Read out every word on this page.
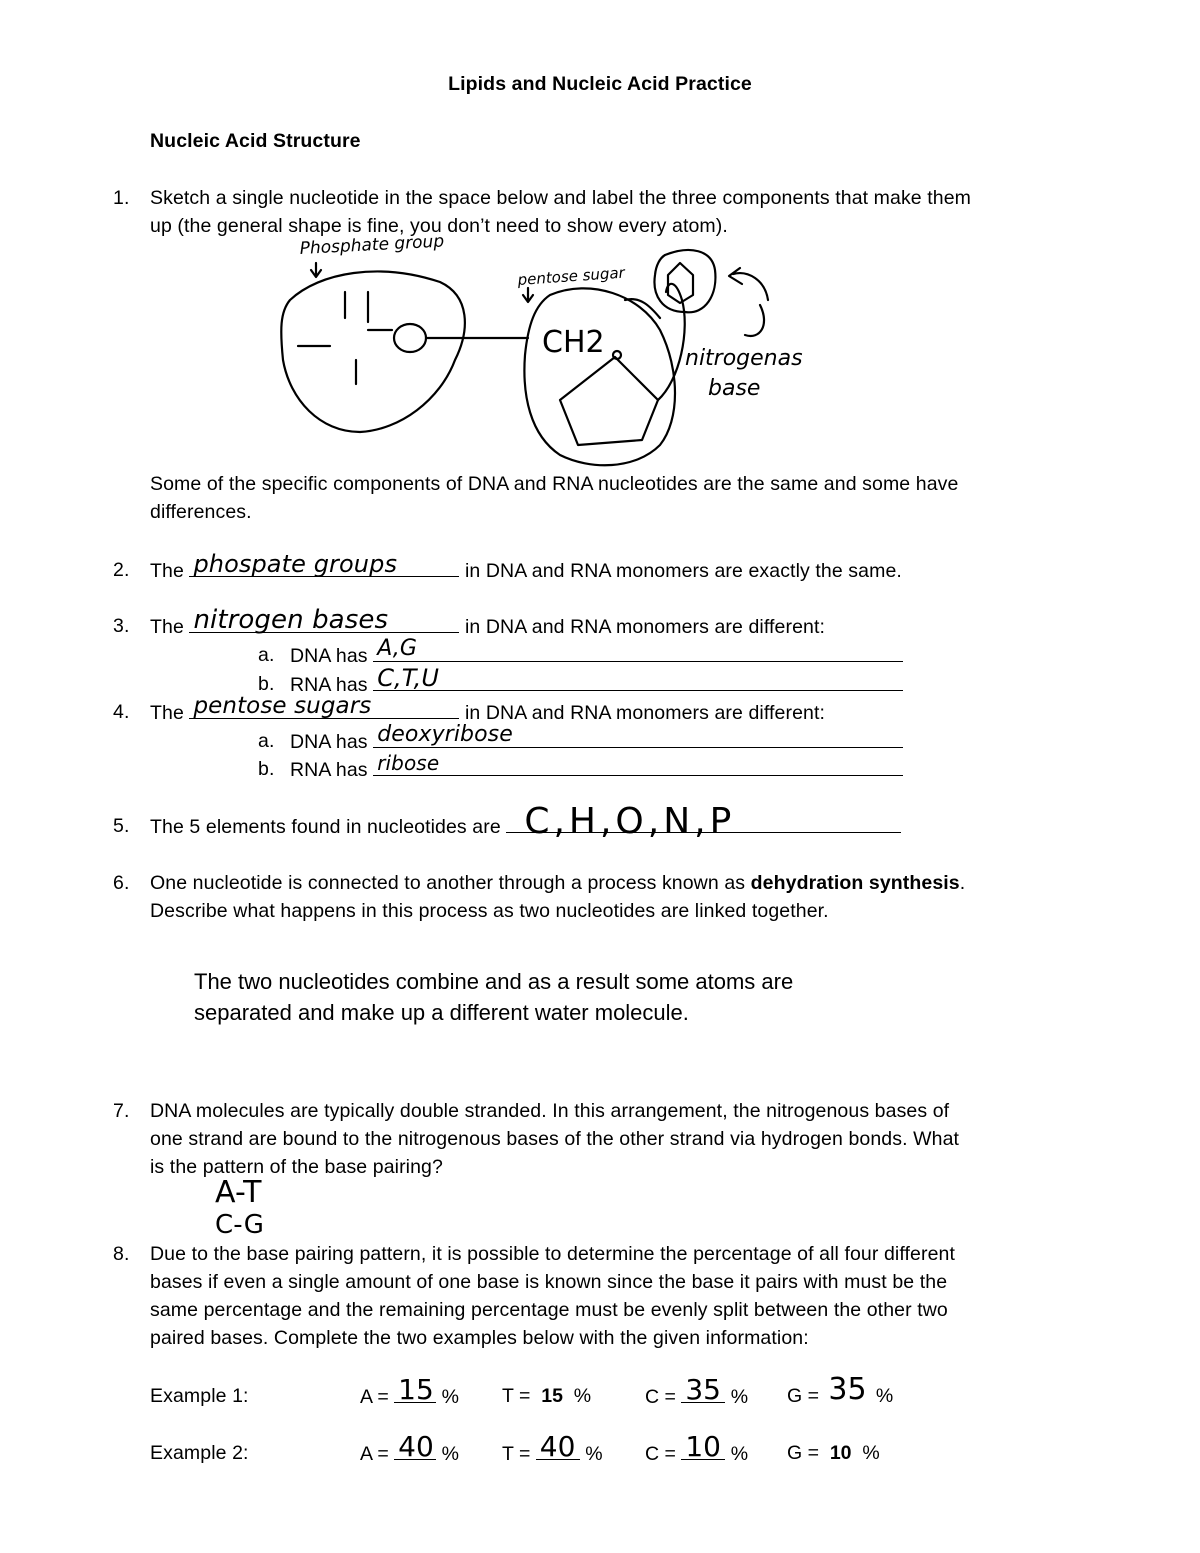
Lipids and Nucleic Acid Practice
Nucleic Acid Structure
1. Sketch a single nucleotide in the space below and label the three components that make them
up (the general shape is fine, you don’t need to show every atom).
Phosphate group
pentose sugar
nitrogenas
base
CH2
Some of the specific components of DNA and RNA nucleotides are the same and some have
differences.
2. The phospate groups	in DNA and RNA monomers are exactly the same.
3. The nitrogen bases	in DNA and RNA monomers are different:
a. DNA has A,G
b. RNA has C,T,U
4. The pentose sugars	in DNA and RNA monomers are different:
a. DNA has deoxyribose
b. RNA has ribose
5. The 5 elements found in nucleotides are C,H,O,N,P
6. One nucleotide is connected to another through a process known as dehydration synthesis.
Describe what happens in this process as two nucleotides are linked together.
The two nucleotides combine and as a result some atoms are
separated and make up a different water molecule.
7. DNA molecules are typically double stranded. In this arrangement, the nitrogenous bases of
one strand are bound to the nitrogenous bases of the other strand via hydrogen bonds. What
is the pattern of the base pairing?
A-T
C-G
8. Due to the base pairing pattern, it is possible to determine the percentage of all four different
bases if even a single amount of one base is known since the base it pairs with must be the
same percentage and the remaining percentage must be evenly split between the other two
paired bases. Complete the two examples below with the given information:
Example 1:	A = 15 % T = 15 %	C = 35 % G = 35 %
Example 2:	A = 40 % T = 40 % C = 10 % G = 10 %
